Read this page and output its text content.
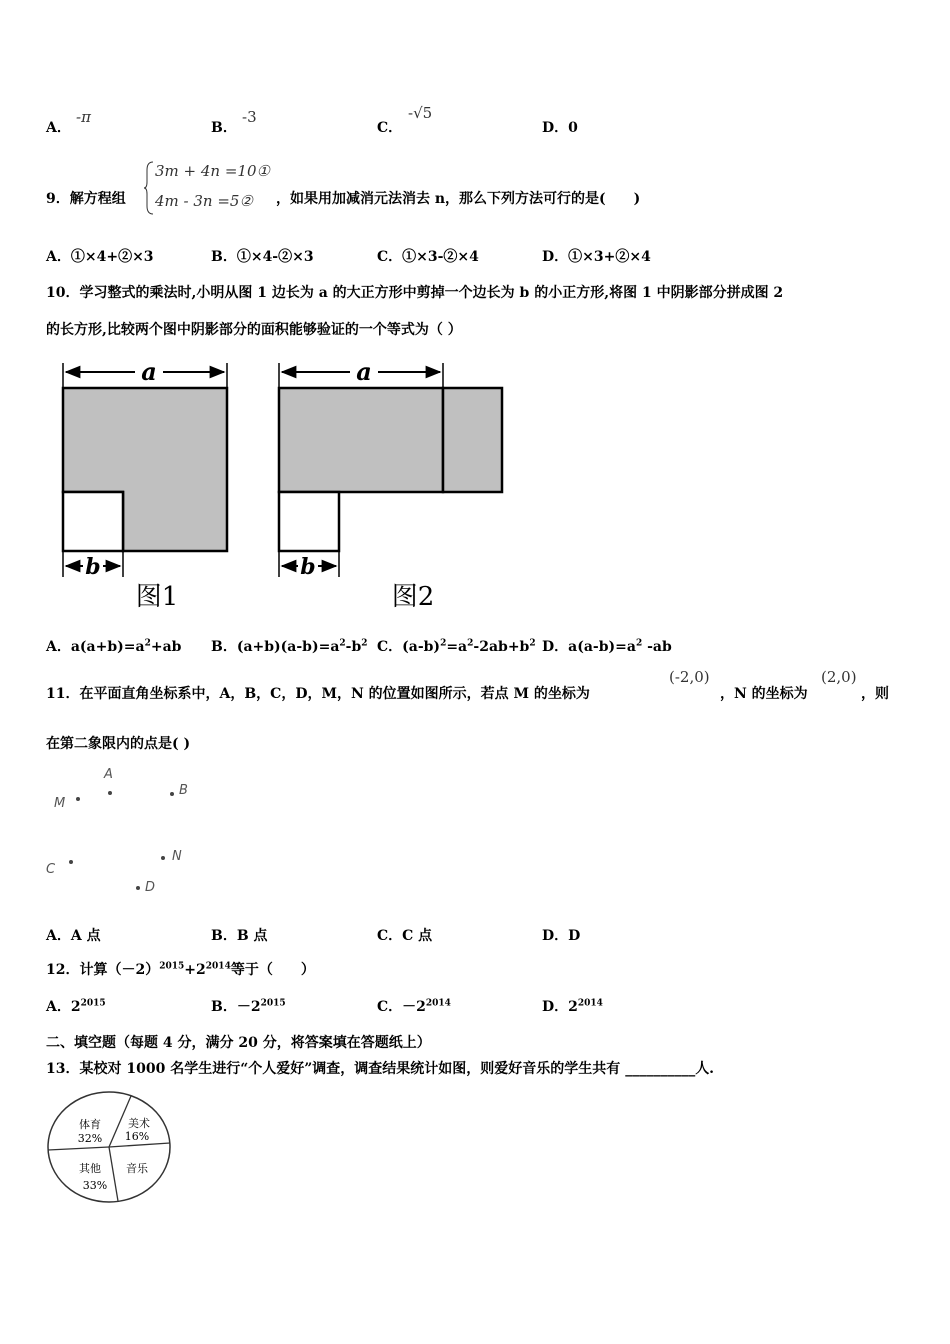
A．
-π
B．
-3
C．
-√5
D．0
9．解方程组
3m + 4n =10①
4m - 3n =5② ，如果用加减消元法消去 n，那么下列方法可行的是(　　)
A．①×4+②×3	B．①×4-②×3	C．①×3-②×4	D．①×3+②×4
10．学习整式的乘法时,小明从图 1 边长为 a 的大正方形中剪掉一个边长为 b 的小正方形,将图 1 中阴影部分拼成图 2
的长方形,比较两个图中阴影部分的面积能够验证的一个等式为（ ）
a
b
图1
a
b
图2
A．$a(a+b)=a^2+ab$ B．$(a+b)(a-b)=a^2-b^2$ C．$(a-b)^2=a^2-2ab+b^2$ D．$a(a-b)=a^2$ -ab
11．在平面直角坐标系中，A，B，C，D，M，N 的位置如图所示，若点 M 的坐标为
(-2,0)
，N 的坐标为
(2,0)
，则
在第二象限内的点是( )
A
M
B
C
N
D
A．A 点	B．B 点	C．C 点	D．D
12．计算$(-2)^{2015}+2^{2014}$等于（　　）
A．$2^{2015}$	B．$-2^{2015}$	C．$-2^{2014}$	D．$2^{2014}$
二、填空题（每题 4 分，满分 20 分，将答案填在答题纸上）
13．某校对 1000 名学生进行“个人爱好”调查，调查结果统计如图，则爱好音乐的学生共有 __________人.
体育
32%
美术
16%
音乐
其他
33%
